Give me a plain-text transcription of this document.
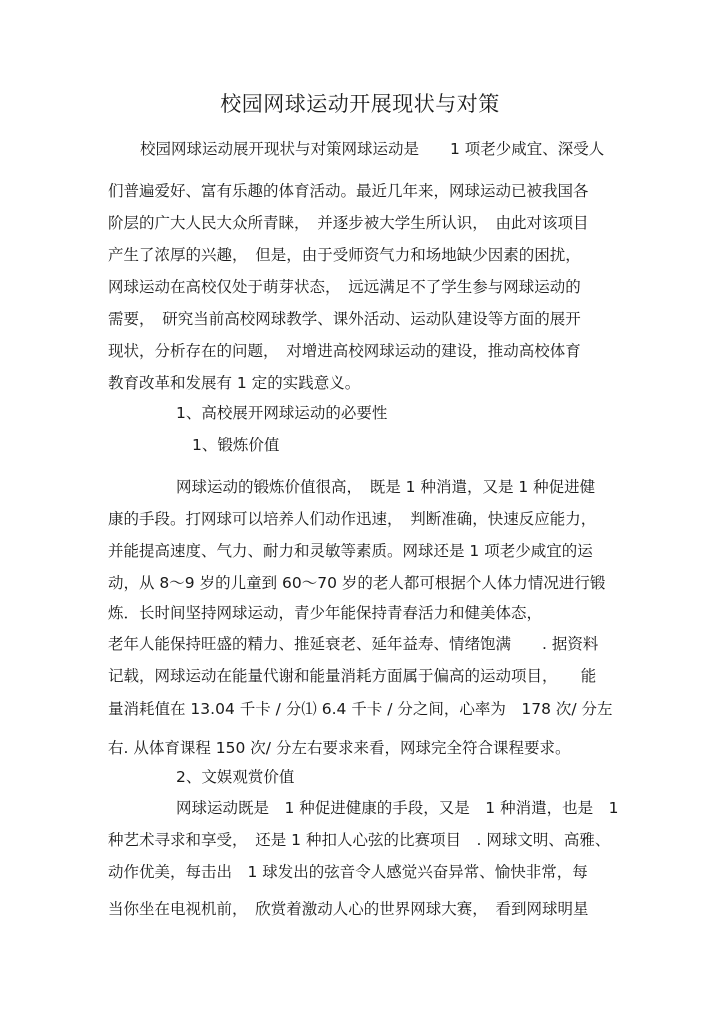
校园网球运动开展现状与对策
校园网球运动展开现状与对策网球运动是　　1 项老少咸宜、深受人
们普遍爱好、富有乐趣的体育活动。最近几年来，网球运动已被我国各
阶层的广大人民大众所青睐，　并逐步被大学生所认识，　由此对该项目
产生了浓厚的兴趣，　但是，由于受师资气力和场地缺少因素的困扰，
网球运动在高校仅处于萌芽状态，　远远满足不了学生参与网球运动的
需要，　研究当前高校网球教学、课外活动、运动队建设等方面的展开
现状，分析存在的问题，　对增进高校网球运动的建设，推动高校体育
教育改革和发展有 1 定的实践意义。
1、高校展开网球运动的必要性
1、锻炼价值
网球运动的锻炼价值很高，　既是 1 种消遣，又是 1 种促进健
康的手段。打网球可以培养人们动作迅速，　判断准确，快速反应能力，
并能提高速度、气力、耐力和灵敏等素质。网球还是 1 项老少咸宜的运
动，从 8～9 岁的儿童到 60～70 岁的老人都可根据个人体力情况进行锻
炼．长时间坚持网球运动，青少年能保持青春活力和健美体态，
老年人能保持旺盛的精力、推延衰老、延年益寿、情绪饱满　　. 据资料
记载，网球运动在能量代谢和能量消耗方面属于偏高的运动项目，　　能
量消耗值在 13.04 千卡 / 分⑴ 6.4 千卡 / 分之间，心率为　178 次/ 分左
右. 从体育课程 150 次/ 分左右要求来看，网球完全符合课程要求。
2、文娱观赏价值
网球运动既是　1 种促进健康的手段，又是　1 种消遣，也是　1
种艺术寻求和享受，　还是 1 种扣人心弦的比赛项目　. 网球文明、高雅、
动作优美，每击出　1 球发出的弦音令人感觉兴奋异常、愉快非常，每
当你坐在电视机前，　欣赏着激动人心的世界网球大赛，　看到网球明星
